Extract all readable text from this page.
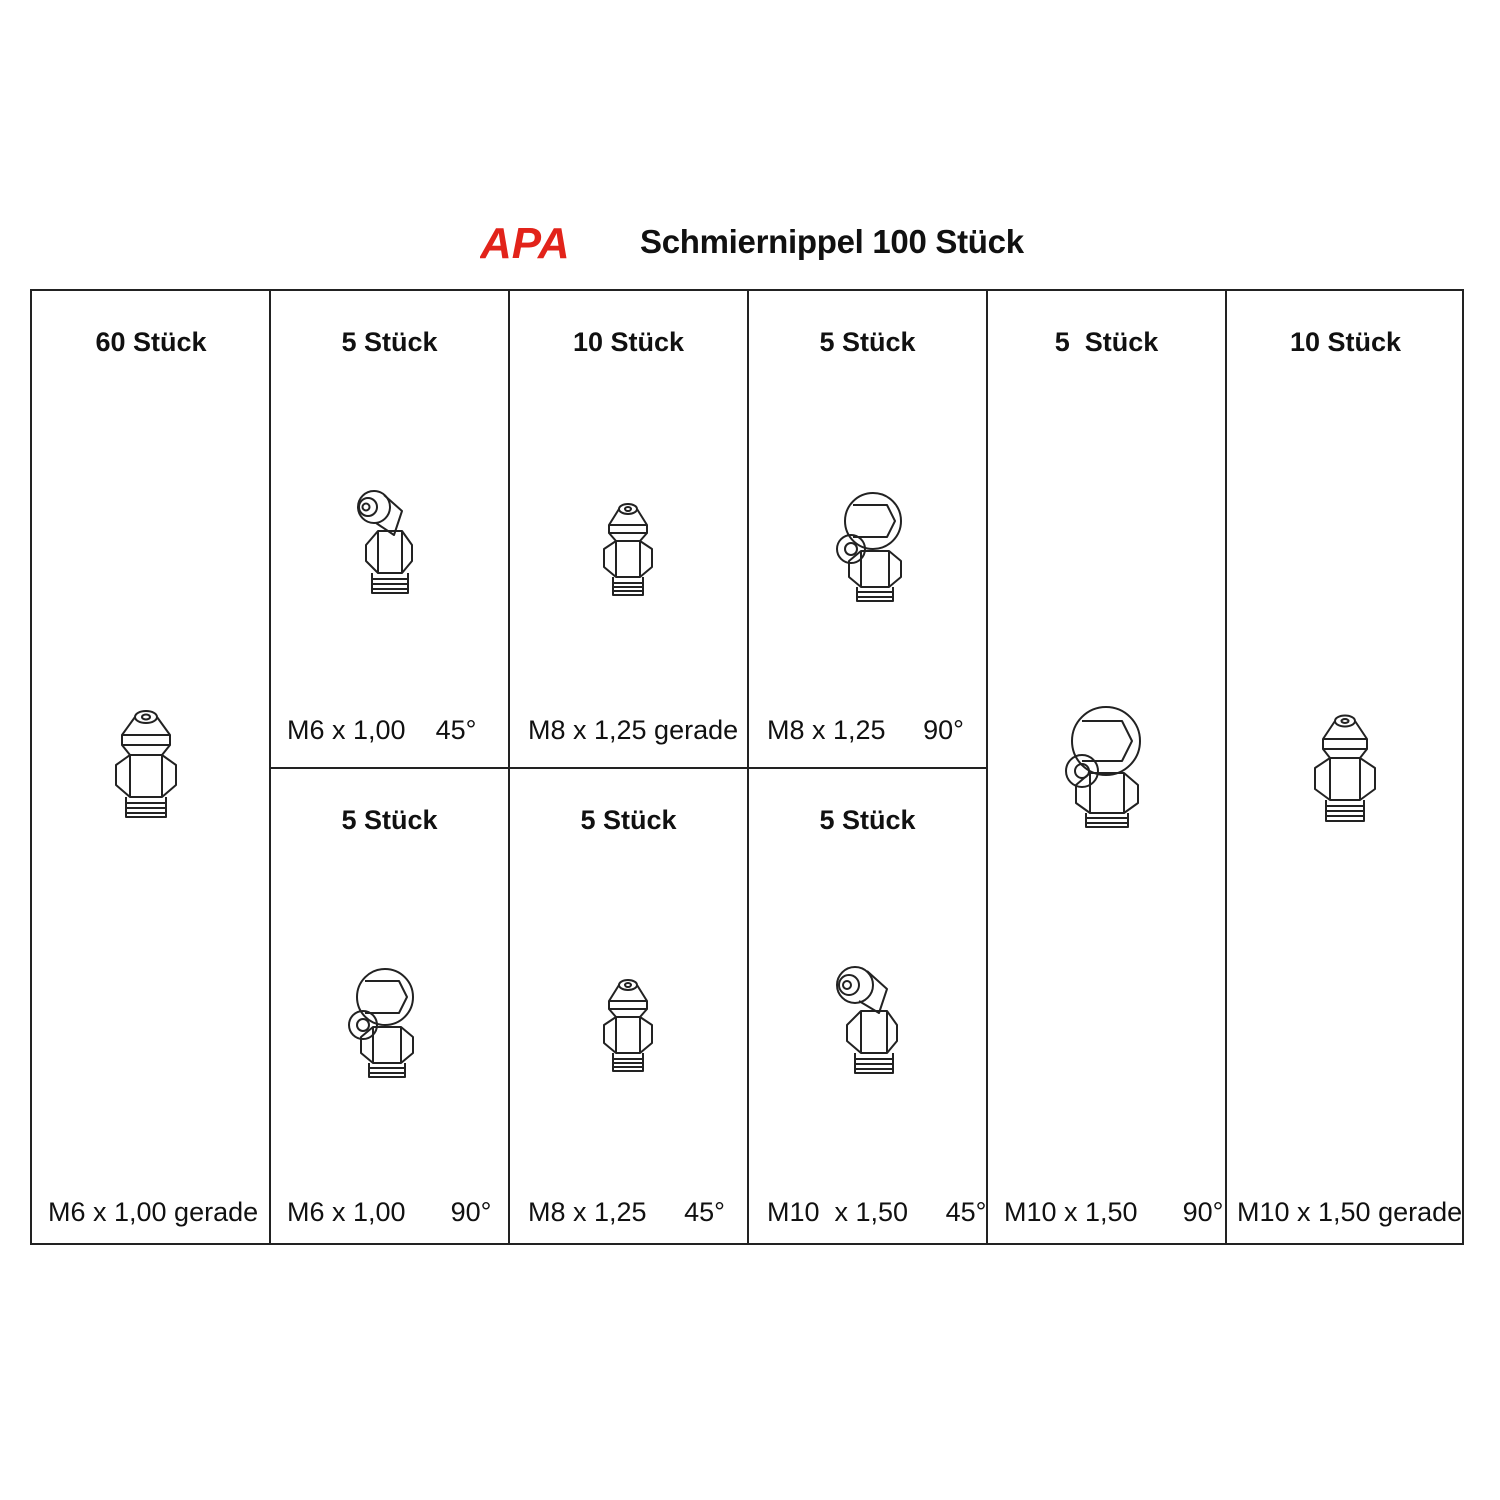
APA Schmiernippel 100 Stück
60 Stück
M6 x 1,00 gerade
5 Stück
M6 x 1,00    45°
10 Stück
M8 x 1,25 gerade
5 Stück
M8 x 1,25     90°
5  Stück
M10 x 1,50      90°
10 Stück
M10 x 1,50 gerade
5 Stück
M6 x 1,00      90°
5 Stück
M8 x 1,25     45°
5 Stück
M10  x 1,50     45°
